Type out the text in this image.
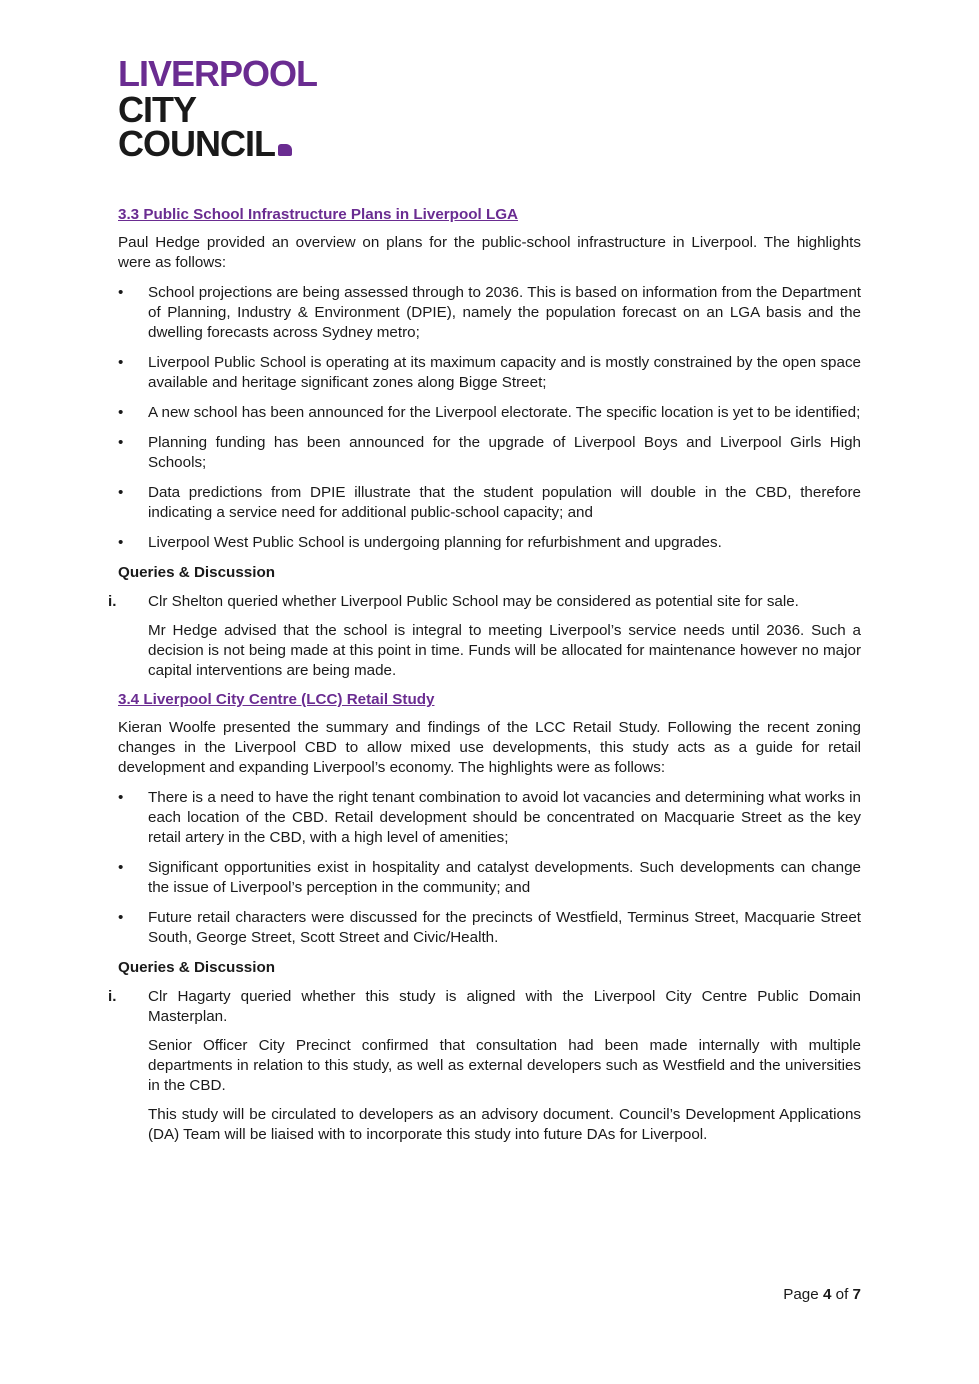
LIVERPOOL
CITY
COUNCIL
3.3 Public School Infrastructure Plans in Liverpool LGA

Paul Hedge provided an overview on plans for the public-school infrastructure in Liverpool. The highlights were as follows:

• School projections are being assessed through to 2036. This is based on information from the Department of Planning, Industry & Environment (DPIE), namely the population forecast on an LGA basis and the dwelling forecasts across Sydney metro;
• Liverpool Public School is operating at its maximum capacity and is mostly constrained by the open space available and heritage significant zones along Bigge Street;
• A new school has been announced for the Liverpool electorate. The specific location is yet to be identified;
• Planning funding has been announced for the upgrade of Liverpool Boys and Liverpool Girls High Schools;
• Data predictions from DPIE illustrate that the student population will double in the CBD, therefore indicating a service need for additional public-school capacity; and
• Liverpool West Public School is undergoing planning for refurbishment and upgrades.
Queries & Discussion
i. Clr Shelton queried whether Liverpool Public School may be considered as potential site for sale.

Mr Hedge advised that the school is integral to meeting Liverpool’s service needs until 2036. Such a decision is not being made at this point in time. Funds will be allocated for maintenance however no major capital interventions are being made.

3.4 Liverpool City Centre (LCC) Retail Study

Kieran Woolfe presented the summary and findings of the LCC Retail Study. Following the recent zoning changes in the Liverpool CBD to allow mixed use developments, this study acts as a guide for retail development and expanding Liverpool’s economy. The highlights were as follows:

• There is a need to have the right tenant combination to avoid lot vacancies and determining what works in each location of the CBD. Retail development should be concentrated on Macquarie Street as the key retail artery in the CBD, with a high level of amenities;
• Significant opportunities exist in hospitality and catalyst developments. Such developments can change the issue of Liverpool’s perception in the community; and
• Future retail characters were discussed for the precincts of Westfield, Terminus Street, Macquarie Street South, George Street, Scott Street and Civic/Health.
Queries & Discussion
i. Clr Hagarty queried whether this study is aligned with the Liverpool City Centre Public Domain Masterplan.

Senior Officer City Precinct confirmed that consultation had been made internally with multiple departments in relation to this study, as well as external developers such as Westfield and the universities in the CBD.

This study will be circulated to developers as an advisory document. Council’s Development Applications (DA) Team will be liaised with to incorporate this study into future DAs for Liverpool.

Page 4 of 7
